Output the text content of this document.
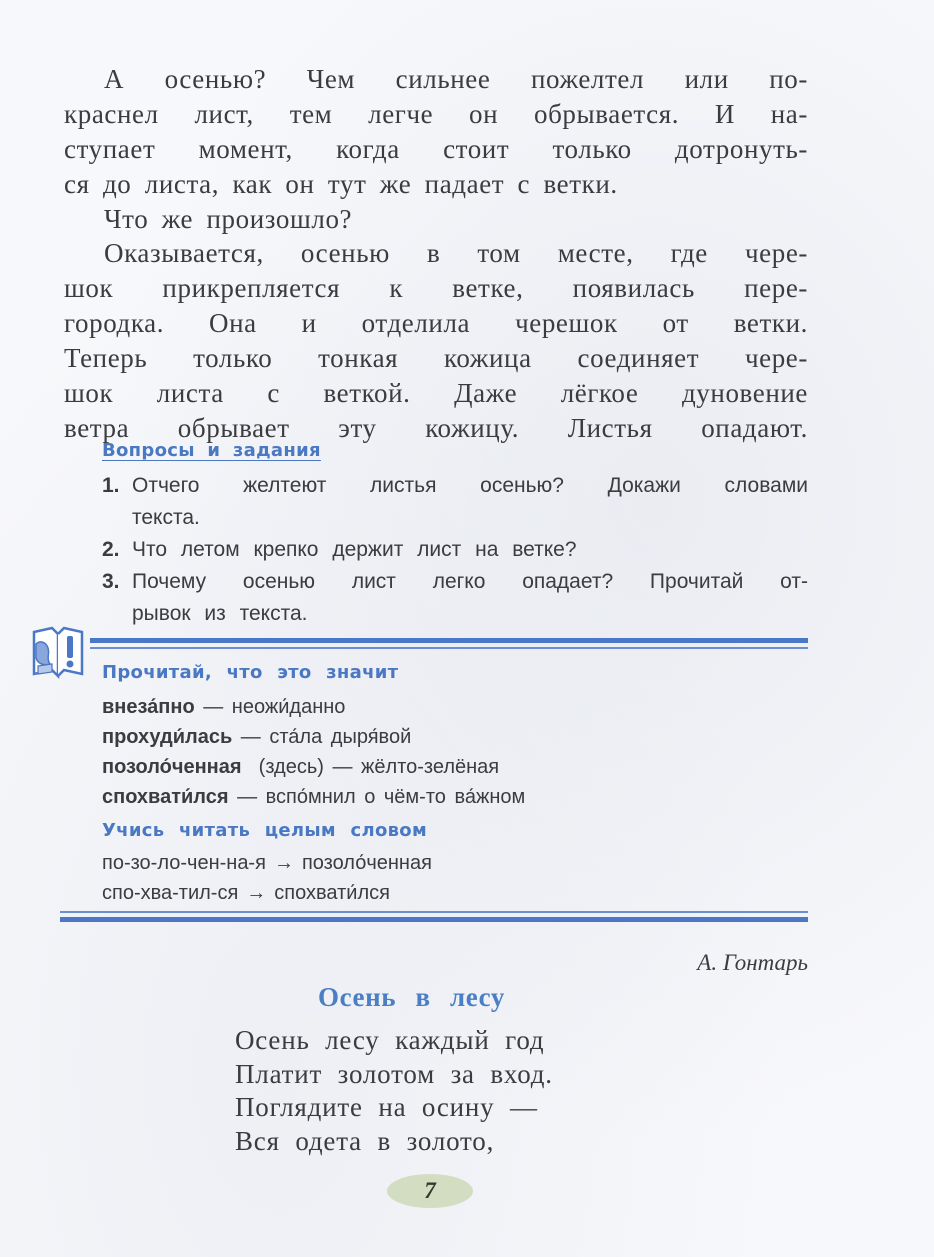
А осенью? Чем сильнее пожелтел или по-
краснел лист, тем легче он обрывается. И на-
ступает момент, когда стоит только дотронуть-
ся до листа, как он тут же падает с ветки.
Что же произошло?
Оказывается, осенью в том месте, где чере-
шок прикрепляется к ветке, появилась пере-
городка. Она и отделила черешок от ветки.
Теперь только тонкая кожица соединяет чере-
шок листа с веткой. Даже лёгкое дуновение
ветра обрывает эту кожицу. Листья опадают.
Вопросы и задания
1. Отчего желтеют листья осенью? Докажи словами
текста.
2. Что летом крепко держит лист на ветке?
3. Почему осенью лист легко опадает? Прочитай от-
рывок из текста.
Прочитай, что это значит
внеза́пно — неожи́данно
прохуди́лась — ста́ла дыря́вой
позоло́ченная  (здесь) — жёлто-зелёная
спохвати́лся — вспо́мнил о чём-то ва́жном
Учись читать целым словом
по-зо-ло-чен-на-я → позоло́ченная
спо-хва-тил-ся → спохвати́лся
А. Гонтарь
Осень в лесу
Осень лесу каждый год
Платит золотом за вход.
Поглядите на осину —
Вся одета в золото,
7
